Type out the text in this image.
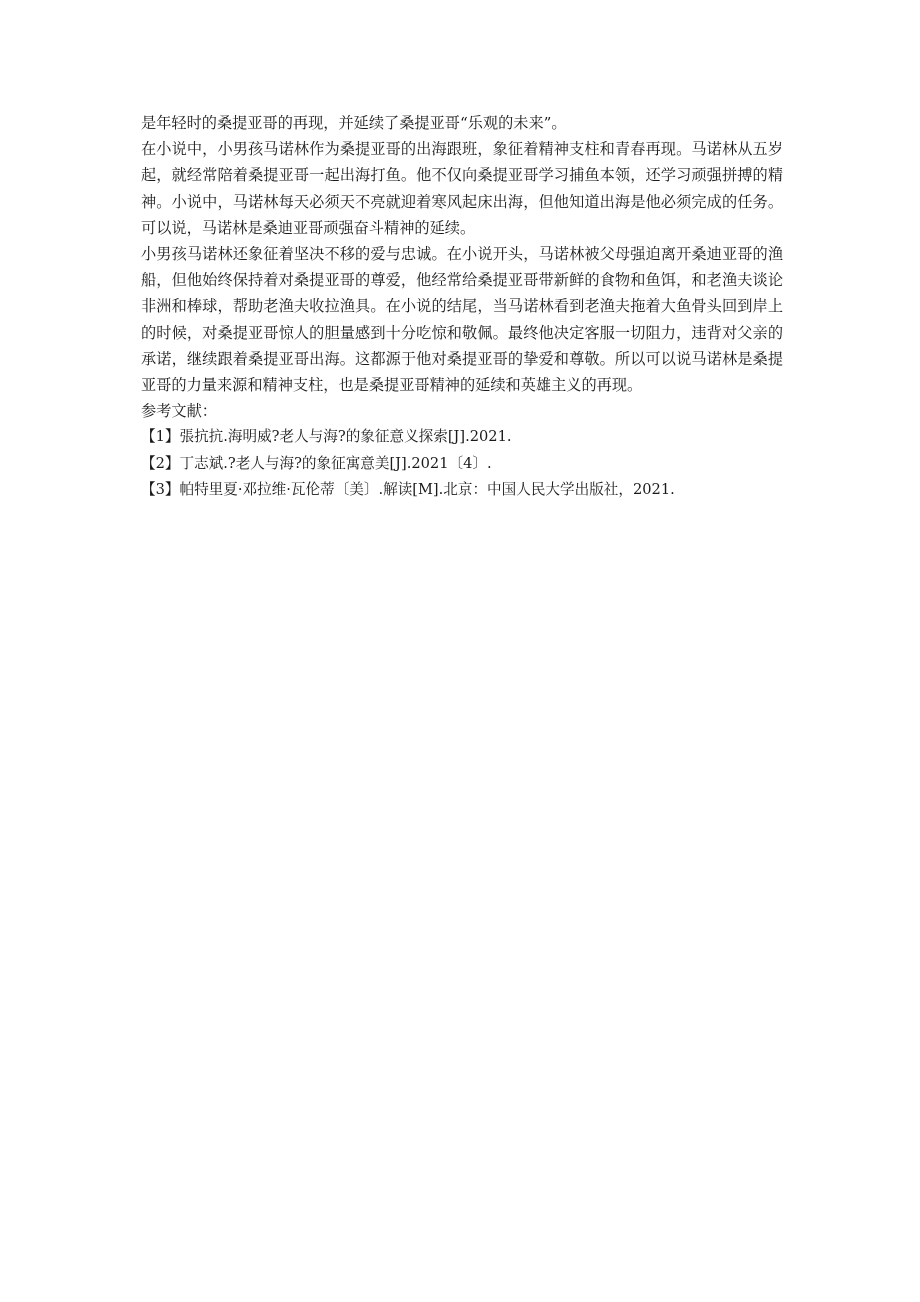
是年轻时的桑提亚哥的再现，并延续了桑提亚哥“乐观的未来”。

在小说中，小男孩马诺林作为桑提亚哥的出海跟班，象征着精神支柱和青春再现。马诺林从五岁起，就经常陪着桑提亚哥一起出海打鱼。他不仅向桑提亚哥学习捕鱼本领，还学习顽强拼搏的精神。小说中，马诺林每天必须天不亮就迎着寒风起床出海，但他知道出海是他必须完成的任务。可以说，马诺林是桑迪亚哥顽强奋斗精神的延续。

小男孩马诺林还象征着坚决不移的爱与忠诚。在小说开头，马诺林被父母强迫离开桑迪亚哥的渔船，但他始终保持着对桑提亚哥的尊爱，他经常给桑提亚哥带新鲜的食物和鱼饵，和老渔夫谈论非洲和棒球，帮助老渔夫收拉渔具。在小说的结尾，当马诺林看到老渔夫拖着大鱼骨头回到岸上的时候，对桑提亚哥惊人的胆量感到十分吃惊和敬佩。最终他决定客服一切阻力，违背对父亲的承诺，继续跟着桑提亚哥出海。这都源于他对桑提亚哥的挚爱和尊敬。所以可以说马诺林是桑提亚哥的力量来源和精神支柱，也是桑提亚哥精神的延续和英雄主义的再现。

参考文献：

【1】張抗抗.海明威?老人与海?的象征意义探索[J].2021.
【2】丁志斌.?老人与海?的象征寓意美[J].2021〔4〕.
【3】帕特里夏·邓拉维·瓦伦蒂〔美〕.解读[M].北京：中国人民大学出版社，2021.
